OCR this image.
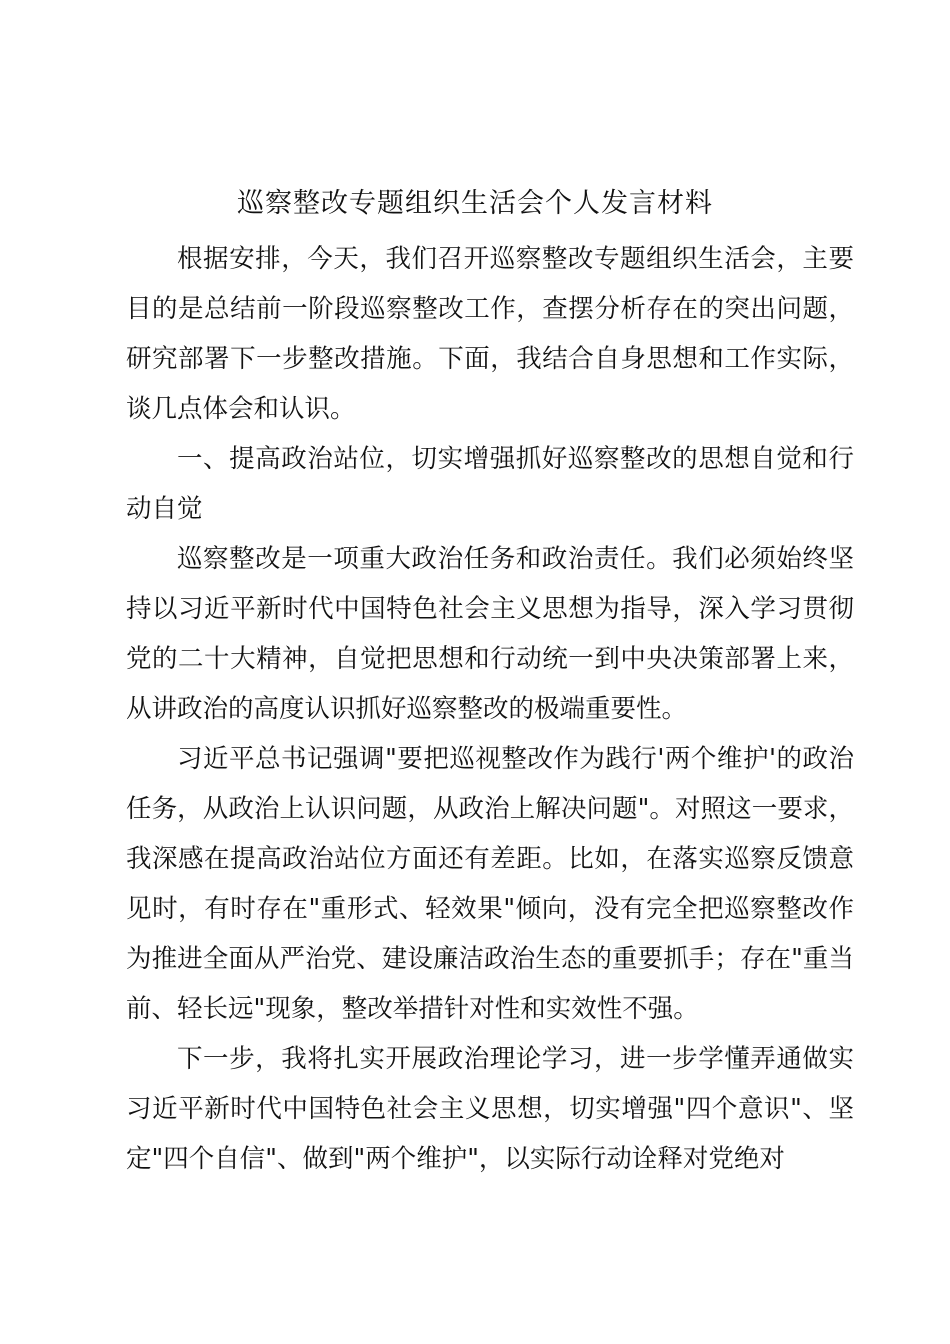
巡察整改专题组织生活会个人发言材料

根据安排，今天，我们召开巡察整改专题组织生活会，主要目的是总结前一阶段巡察整改工作，查摆分析存在的突出问题，研究部署下一步整改措施。下面，我结合自身思想和工作实际，谈几点体会和认识。

一、提高政治站位，切实增强抓好巡察整改的思想自觉和行动自觉

巡察整改是一项重大政治任务和政治责任。我们必须始终坚持以习近平新时代中国特色社会主义思想为指导，深入学习贯彻党的二十大精神，自觉把思想和行动统一到中央决策部署上来，从讲政治的高度认识抓好巡察整改的极端重要性。

习近平总书记强调"要把巡视整改作为践行'两个维护'的政治任务，从政治上认识问题，从政治上解决问题"。对照这一要求，我深感在提高政治站位方面还有差距。比如，在落实巡察反馈意见时，有时存在"重形式、轻效果"倾向，没有完全把巡察整改作为推进全面从严治党、建设廉洁政治生态的重要抓手；存在"重当前、轻长远"现象，整改举措针对性和实效性不强。

下一步，我将扎实开展政治理论学习，进一步学懂弄通做实习近平新时代中国特色社会主义思想，切实增强"四个意识"、坚定"四个自信"、做到"两个维护"，以实际行动诠释对党绝对
